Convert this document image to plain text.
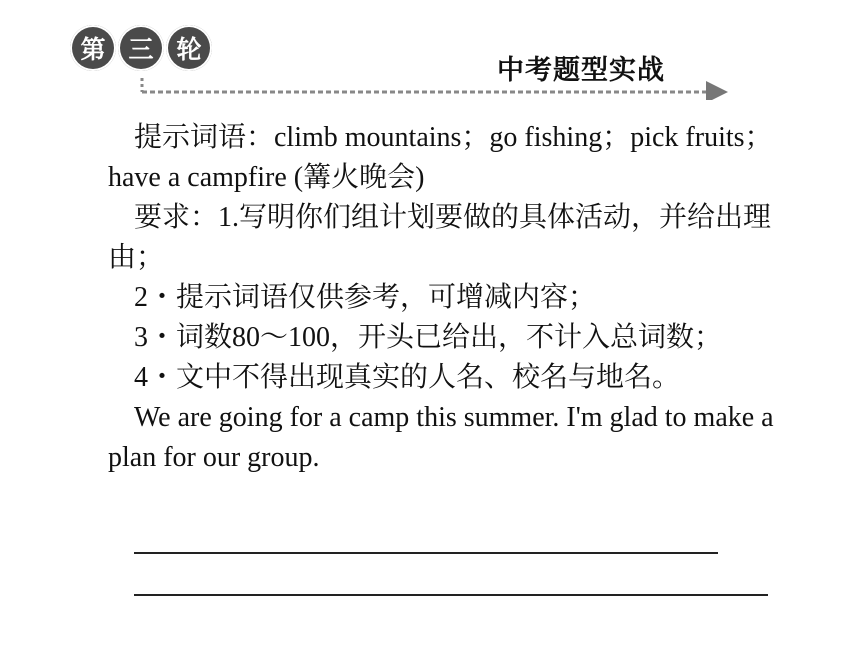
第 三 轮
中考题型实战

提示词语：climb mountains；go fishing；pick fruits；have a campfire (篝火晚会)

要求：1.写明你们组计划要做的具体活动，并给出理由；

2・提示词语仅供参考，可增减内容；

3・词数80～100，开头已给出，不计入总词数；

4・文中不得出现真实的人名、校名与地名。

We are going for a camp this summer. I'm glad to make a plan for our group.
